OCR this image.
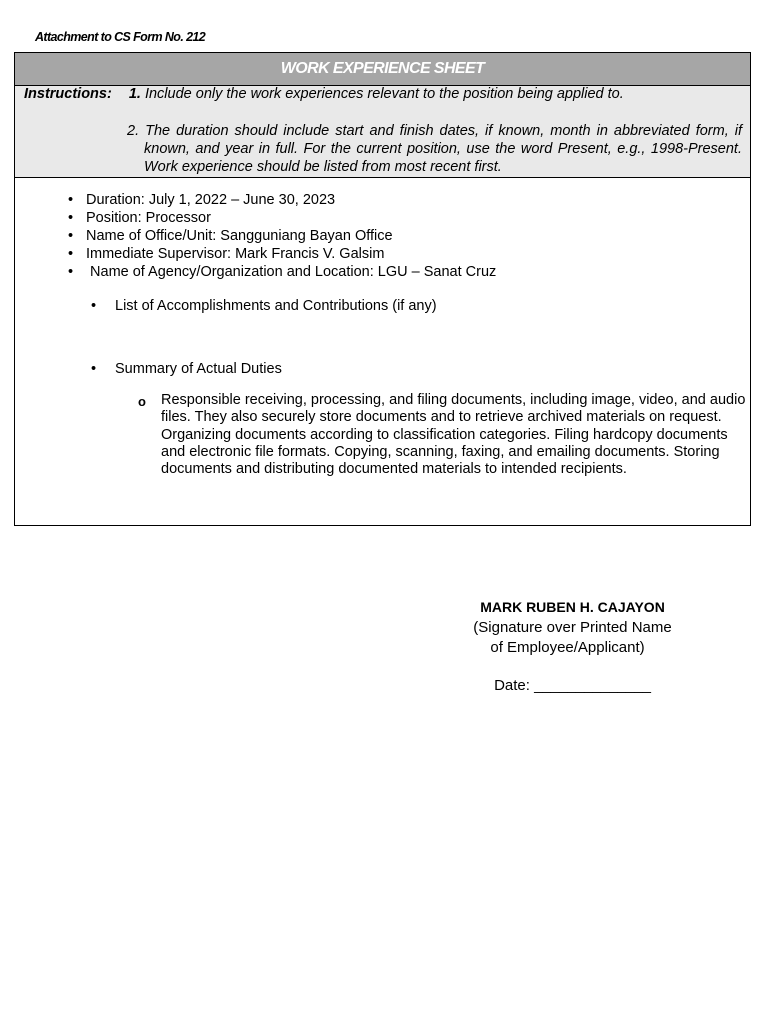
Attachment to CS Form No. 212
WORK EXPERIENCE SHEET
Instructions: 1. Include only the work experiences relevant to the position being applied to.
2. The duration should include start and finish dates, if known, month in abbreviated form, if known, and year in full. For the current position, use the word Present, e.g., 1998-Present. Work experience should be listed from most recent first.
• Duration: July 1, 2022 – June 30, 2023
• Position: Processor
• Name of Office/Unit: Sangguniang Bayan Office
• Immediate Supervisor: Mark Francis V. Galsim
•  Name of Agency/Organization and Location: LGU – Sanat Cruz
• List of Accomplishments and Contributions (if any)
• Summary of Actual Duties
o Responsible receiving, processing, and filing documents, including image, video, and audio files. They also securely store documents and to retrieve archived materials on request. Organizing documents according to classification categories. Filing hardcopy documents and electronic file formats. Copying, scanning, faxing, and emailing documents. Storing documents and distributing documented materials to intended recipients.
MARK RUBEN H. CAJAYON
(Signature over Printed Name
of Employee/Applicant)
Date: ______________
